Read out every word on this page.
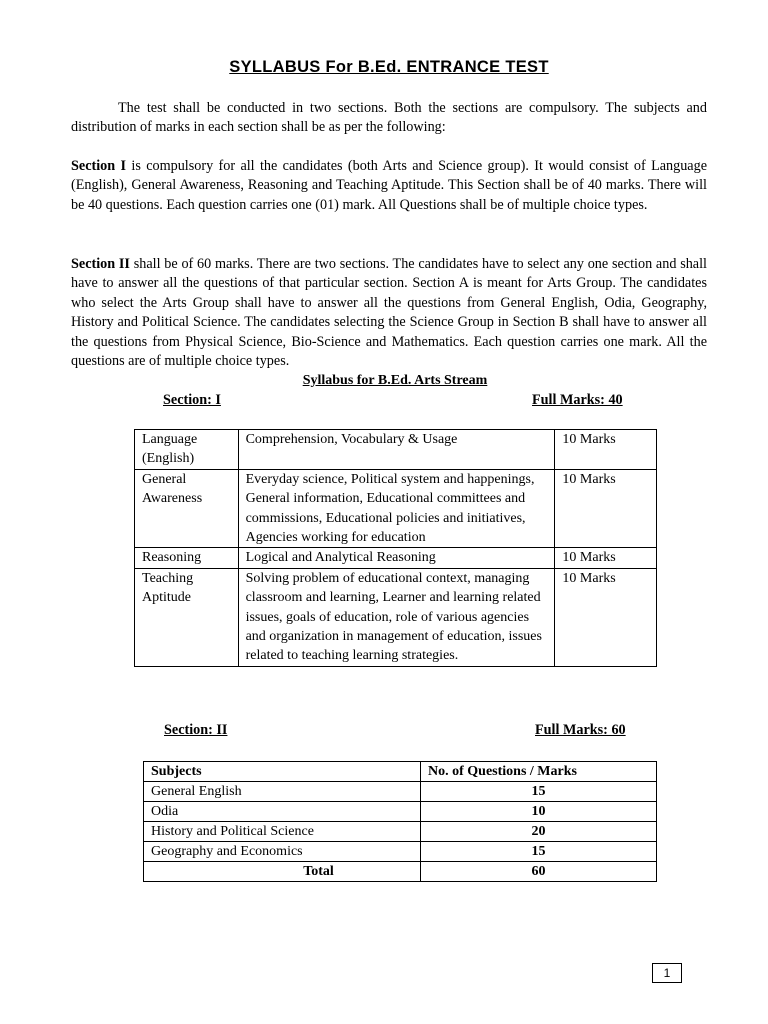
SYLLABUS For B.Ed. ENTRANCE TEST

The test shall be conducted in two sections. Both the sections are compulsory. The subjects and distribution of marks in each section shall be as per the following:

Section I is compulsory for all the candidates (both Arts and Science group). It would consist of Language (English), General Awareness, Reasoning and Teaching Aptitude. This Section shall be of 40 marks. There will be 40 questions. Each question carries one (01) mark. All Questions shall be of multiple choice types.

Section II shall be of 60 marks. There are two sections. The candidates have to select any one section and shall have to answer all the questions of that particular section. Section A is meant for Arts Group. The candidates who select the Arts Group shall have to answer all the questions from General English, Odia, Geography, History and Political Science. The candidates selecting the Science Group in Section B shall have to answer all the questions from Physical Science, Bio-Science and Mathematics. Each question carries one mark. All the questions are of multiple choice types.

Syllabus for B.Ed. Arts Stream
Section: I	Full Marks: 40
Language (English)	Comprehension, Vocabulary & Usage	10 Marks
General Awareness	Everyday science, Political system and happenings, General information, Educational committees and commissions, Educational policies and initiatives, Agencies working for education	10 Marks
Reasoning	Logical and Analytical Reasoning	10 Marks
Teaching Aptitude	Solving problem of educational context, managing classroom and learning, Learner and learning related issues, goals of education, role of various agencies and organization in management of education, issues related to teaching learning strategies.	10 Marks
Section: II	Full Marks: 60
Subjects	No. of Questions / Marks
General English	15
Odia	10
History and Political Science	20
Geography and Economics	15
Total	60
1
